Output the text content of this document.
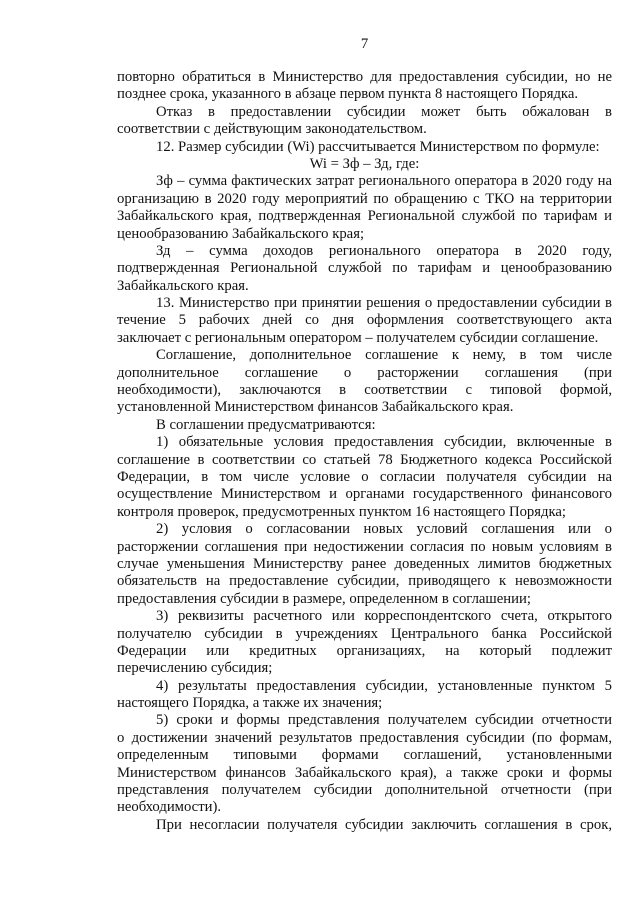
7
повторно обратиться в Министерство для предоставления субсидии, но не
позднее срока, указанного в абзаце первом пункта 8 настоящего Порядка.
Отказ в предоставлении субсидии может быть обжалован в
соответствии с действующим законодательством.
12. Размер субсидии (Wi) рассчитывается Министерством по формуле:
Wi = Зф – Зд, где:
Зф – сумма фактических затрат регионального оператора в 2020 году на
организацию в 2020 году мероприятий по обращению с ТКО на территории
Забайкальского края, подтвержденная Региональной службой по тарифам и
ценообразованию Забайкальского края;
Зд – сумма доходов регионального оператора в 2020 году,
подтвержденная Региональной службой по тарифам и ценообразованию
Забайкальского края.
13. Министерство при принятии решения о предоставлении субсидии в
течение 5 рабочих дней со дня оформления соответствующего акта
заключает с региональным оператором – получателем субсидии соглашение.
Соглашение, дополнительное соглашение к нему, в том числе
дополнительное соглашение о расторжении соглашения (при
необходимости), заключаются в соответствии с типовой формой,
установленной Министерством финансов Забайкальского края.
В соглашении предусматриваются:
1) обязательные условия предоставления субсидии, включенные в
соглашение в соответствии со статьей 78 Бюджетного кодекса Российской
Федерации, в том числе условие о согласии получателя субсидии на
осуществление Министерством и органами государственного финансового
контроля проверок, предусмотренных пунктом 16 настоящего Порядка;
2) условия о согласовании новых условий соглашения или о
расторжении соглашения при недостижении согласия по новым условиям в
случае уменьшения Министерству ранее доведенных лимитов бюджетных
обязательств на предоставление субсидии, приводящего к невозможности
предоставления субсидии в размере, определенном в соглашении;
3) реквизиты расчетного или корреспондентского счета, открытого
получателю субсидии в учреждениях Центрального банка Российской
Федерации или кредитных организациях, на который подлежит
перечислению субсидия;
4) результаты предоставления субсидии, установленные пунктом 5
настоящего Порядка, а также их значения;
5) сроки и формы представления получателем субсидии отчетности
о достижении значений результатов предоставления субсидии (по формам,
определенным типовыми формами соглашений, установленными
Министерством финансов Забайкальского края), а также сроки и формы
представления получателем субсидии дополнительной отчетности (при
необходимости).
При несогласии получателя субсидии заключить соглашения в срок,
